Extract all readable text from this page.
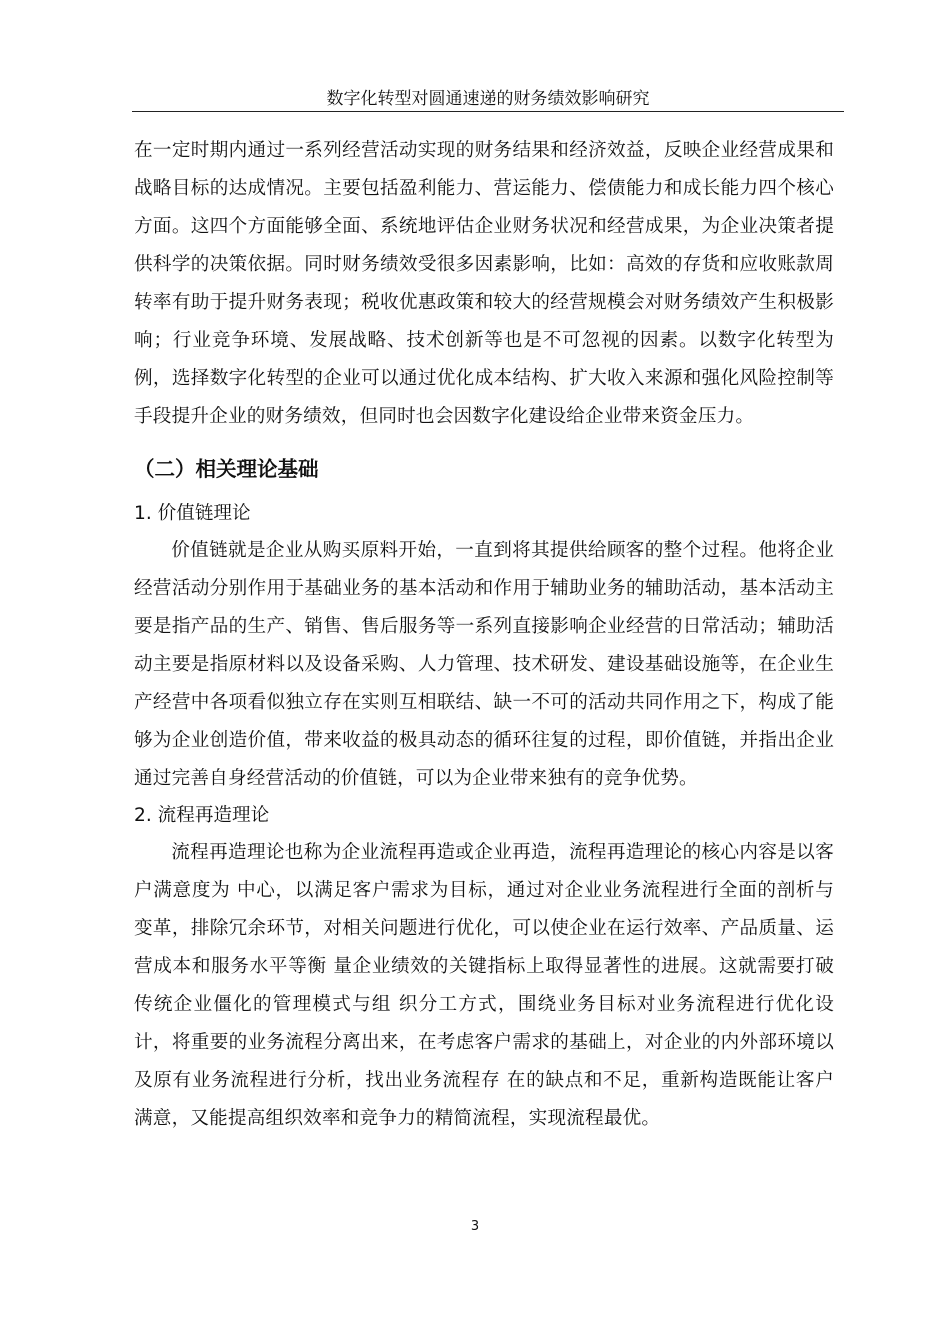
数字化转型对圆通速递的财务绩效影响研究

在一定时期内通过一系列经营活动实现的财务结果和经济效益，反映企业经营成果和战略目标的达成情况。主要包括盈利能力、营运能力、偿债能力和成长能力四个核心方面。这四个方面能够全面、系统地评估企业财务状况和经营成果，为企业决策者提供科学的决策依据。同时财务绩效受很多因素影响，比如：高效的存货和应收账款周转率有助于提升财务表现；税收优惠政策和较大的经营规模会对财务绩效产生积极影响；行业竞争环境、发展战略、技术创新等也是不可忽视的因素。以数字化转型为例，选择数字化转型的企业可以通过优化成本结构、扩大收入来源和强化风险控制等手段提升企业的财务绩效，但同时也会因数字化建设给企业带来资金压力。

（二）相关理论基础
1. 价值链理论

价值链就是企业从购买原料开始，一直到将其提供给顾客的整个过程。他将企业经营活动分别作用于基础业务的基本活动和作用于辅助业务的辅助活动，基本活动主要是指产品的生产、销售、售后服务等一系列直接影响企业经营的日常活动；辅助活动主要是指原材料以及设备采购、人力管理、技术研发、建设基础设施等，在企业生产经营中各项看似独立存在实则互相联结、缺一不可的活动共同作用之下，构成了能够为企业创造价值，带来收益的极具动态的循环往复的过程，即价值链，并指出企业通过完善自身经营活动的价值链，可以为企业带来独有的竞争优势。

2. 流程再造理论

流程再造理论也称为企业流程再造或企业再造，流程再造理论的核心内容是以客户满意度为 中心，以满足客户需求为目标，通过对企业业务流程进行全面的剖析与变革，排除冗余环节，对相关问题进行优化，可以使企业在运行效率、产品质量、运营成本和服务水平等衡 量企业绩效的关键指标上取得显著性的进展。这就需要打破传统企业僵化的管理模式与组 织分工方式，围绕业务目标对业务流程进行优化设计，将重要的业务流程分离出来，在考虑客户需求的基础上，对企业的内外部环境以及原有业务流程进行分析，找出业务流程存 在的缺点和不足，重新构造既能让客户满意，又能提高组织效率和竞争力的精简流程，实现流程最优。

3
